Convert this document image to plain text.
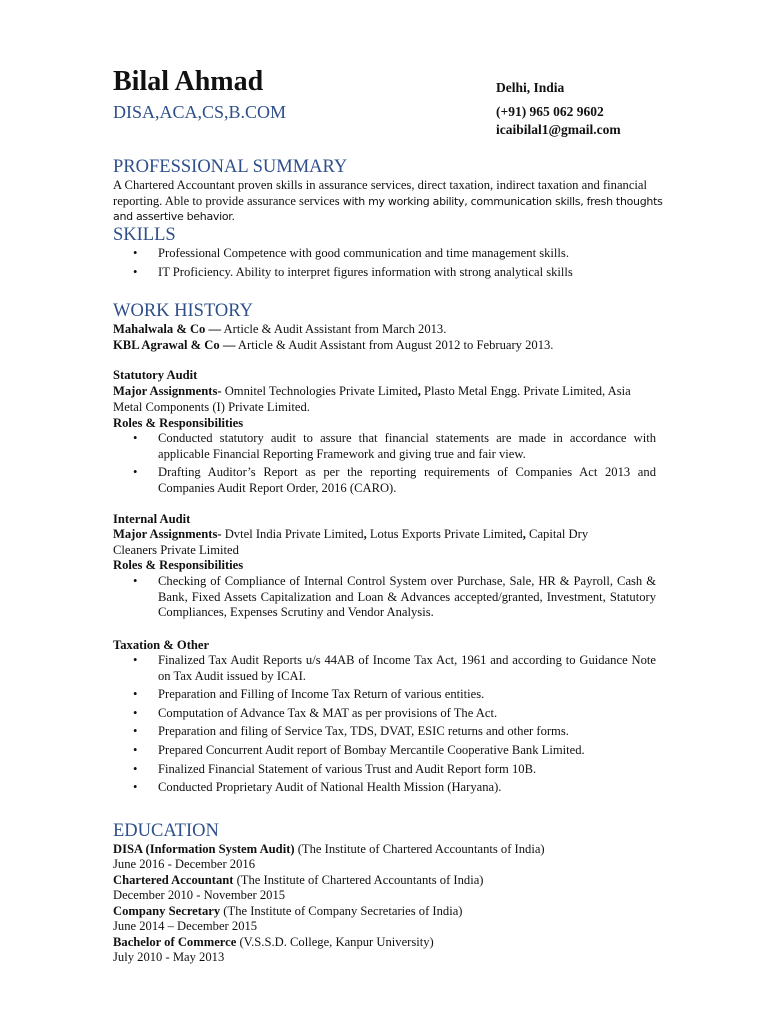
Bilal Ahmad
DISA,ACA,CS,B.COM
Delhi, India
(+91) 965 062 9602
icaibilal1@gmail.com
PROFESSIONAL SUMMARY
A Chartered Accountant proven skills in assurance services, direct taxation, indirect taxation and financial reporting. Able to provide assurance services with my working ability, communication skills, fresh thoughts and assertive behavior.
SKILLS
• Professional Competence with good communication and time management skills.
• IT Proficiency. Ability to interpret figures information with strong analytical skills
WORK HISTORY
Mahalwala & Co — Article & Audit Assistant from March 2013.
KBL Agrawal & Co — Article & Audit Assistant from August 2012 to February 2013.
Statutory Audit
Major Assignments- Omnitel Technologies Private Limited, Plasto Metal Engg. Private Limited, Asia Metal Components (I) Private Limited.
Roles & Responsibilities
• Conducted statutory audit to assure that financial statements are made in accordance with applicable Financial Reporting Framework and giving true and fair view.
• Drafting Auditor’s Report as per the reporting requirements of Companies Act 2013 and Companies Audit Report Order, 2016 (CARO).
Internal Audit
Major Assignments- Dvtel India Private Limited, Lotus Exports Private Limited, Capital Dry Cleaners Private Limited
Roles & Responsibilities
• Checking of Compliance of Internal Control System over Purchase, Sale, HR & Payroll, Cash & Bank, Fixed Assets Capitalization and Loan & Advances accepted/granted, Investment, Statutory Compliances, Expenses Scrutiny and Vendor Analysis.
Taxation & Other
• Finalized Tax Audit Reports u/s 44AB of Income Tax Act, 1961 and according to Guidance Note on Tax Audit issued by ICAI.
• Preparation and Filling of Income Tax Return of various entities.
• Computation of Advance Tax & MAT as per provisions of The Act.
• Preparation and filing of Service Tax, TDS, DVAT, ESIC returns and other forms.
• Prepared Concurrent Audit report of Bombay Mercantile Cooperative Bank Limited.
• Finalized Financial Statement of various Trust and Audit Report form 10B.
• Conducted Proprietary Audit of National Health Mission (Haryana).
EDUCATION
DISA (Information System Audit) (The Institute of Chartered Accountants of India)
June 2016 - December 2016
Chartered Accountant (The Institute of Chartered Accountants of India)
December 2010 - November 2015
Company Secretary (The Institute of Company Secretaries of India)
June 2014 – December 2015
Bachelor of Commerce (V.S.S.D. College, Kanpur University)
July 2010 - May 2013
